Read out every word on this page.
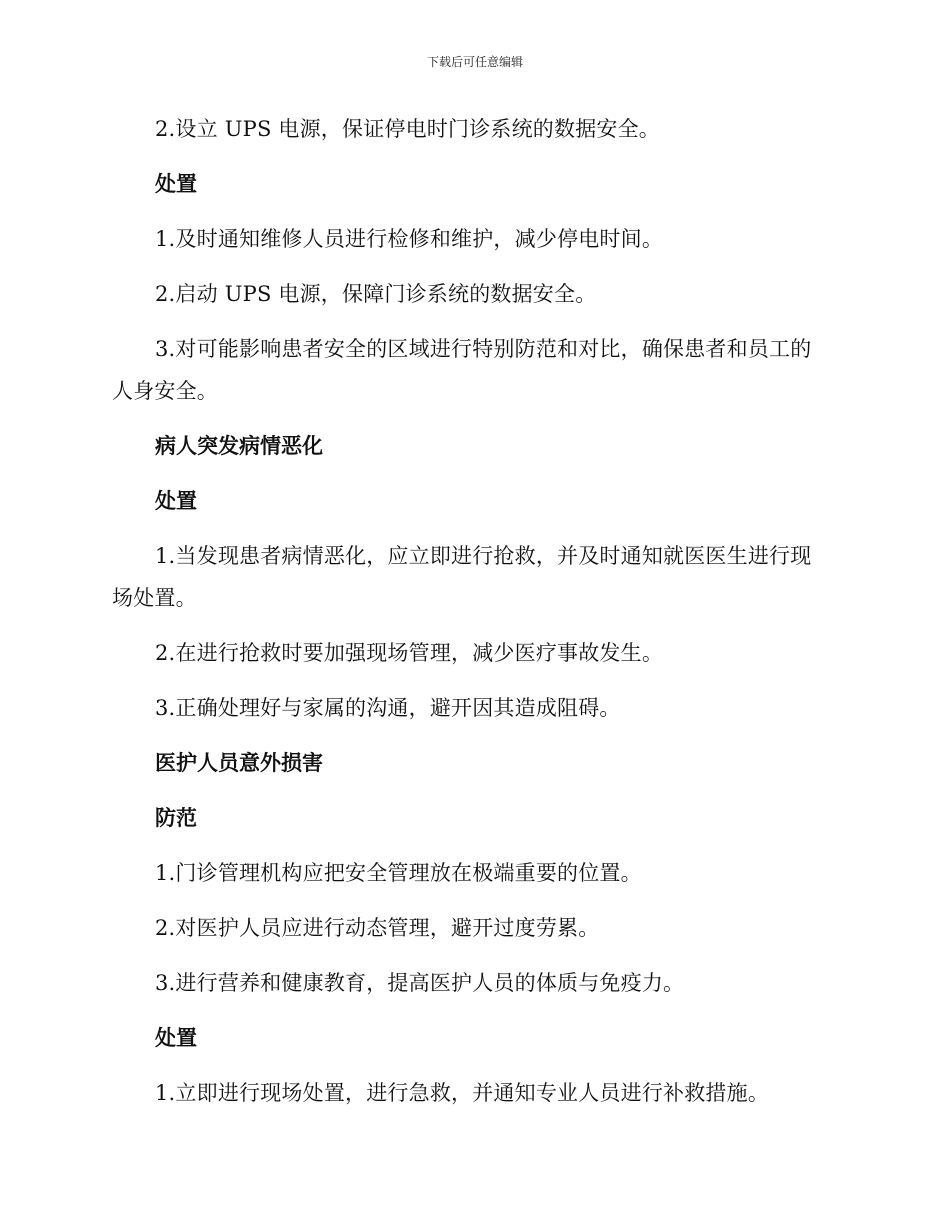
下载后可任意编辑

2.设立 UPS 电源，保证停电时门诊系统的数据安全。

处置

1.及时通知维修人员进行检修和维护，减少停电时间。

2.启动 UPS 电源，保障门诊系统的数据安全。

3.对可能影响患者安全的区域进行特别防范和对比，确保患者和员工的人身安全。

病人突发病情恶化

处置

1.当发现患者病情恶化，应立即进行抢救，并及时通知就医医生进行现场处置。

2.在进行抢救时要加强现场管理，减少医疗事故发生。

3.正确处理好与家属的沟通，避开因其造成阻碍。

医护人员意外损害

防范

1.门诊管理机构应把安全管理放在极端重要的位置。

2.对医护人员应进行动态管理，避开过度劳累。

3.进行营养和健康教育，提高医护人员的体质与免疫力。

处置

1.立即进行现场处置，进行急救，并通知专业人员进行补救措施。
